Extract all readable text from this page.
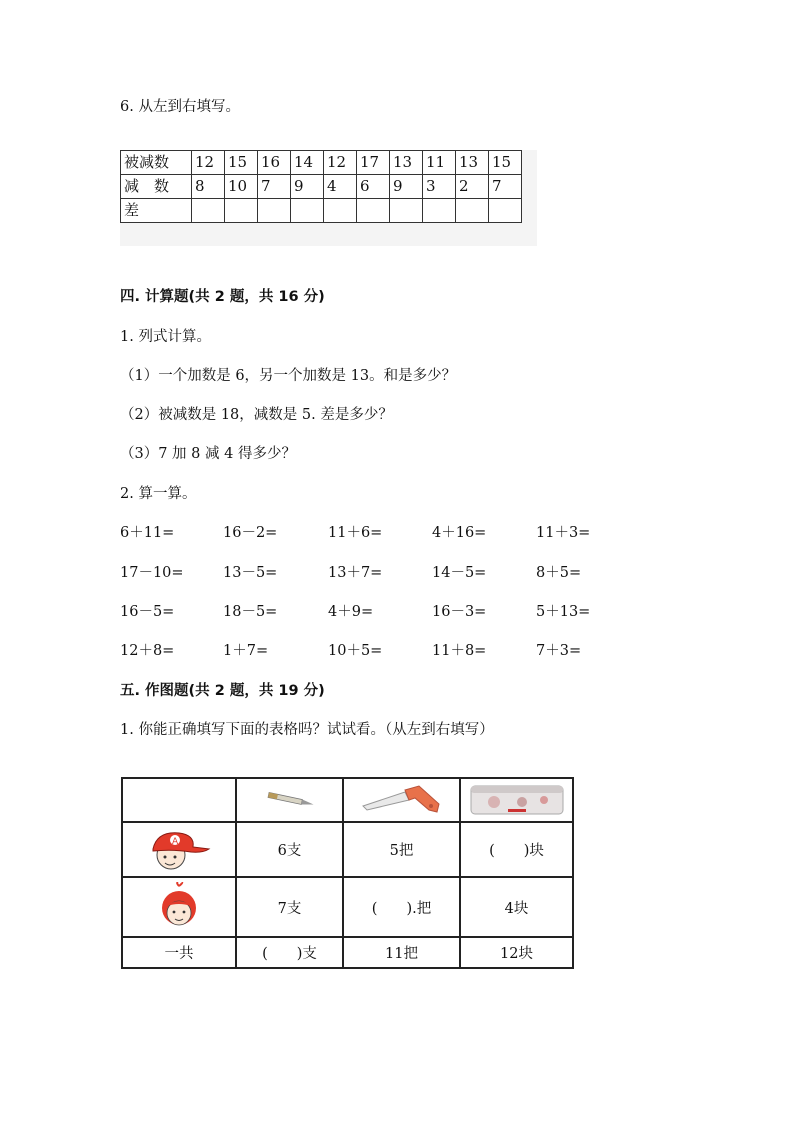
6. 从左到右填写。
被减数	12	15	16	14	12	17	13	11	13	15
减　数	8	10	7	9	4	6	9	3	2	7
差										
四. 计算题(共 2 题，共 16 分)
1. 列式计算。
（1）一个加数是 6，另一个加数是 13。和是多少？
（2）被减数是 18，减数是 5. 差是多少？
（3）7 加 8 减 4 得多少？
2. 算一算。
6＋11=	16－2=	11＋6=	4＋16=	11＋3=
17－10=	13－5=	13＋7=	14－5=	8＋5=
16－5=	18－5=	4＋9=	16－3=	5＋13=
12＋8=	1＋7=	10＋5=	11＋8=	7＋3=
五. 作图题(共 2 题，共 19 分)
1. 你能正确填写下面的表格吗？试试看。（从左到右填写）

A	6支	5把	(　　)块
	7支	(　　).把	4块
一共	(　　)支	11把	12块
